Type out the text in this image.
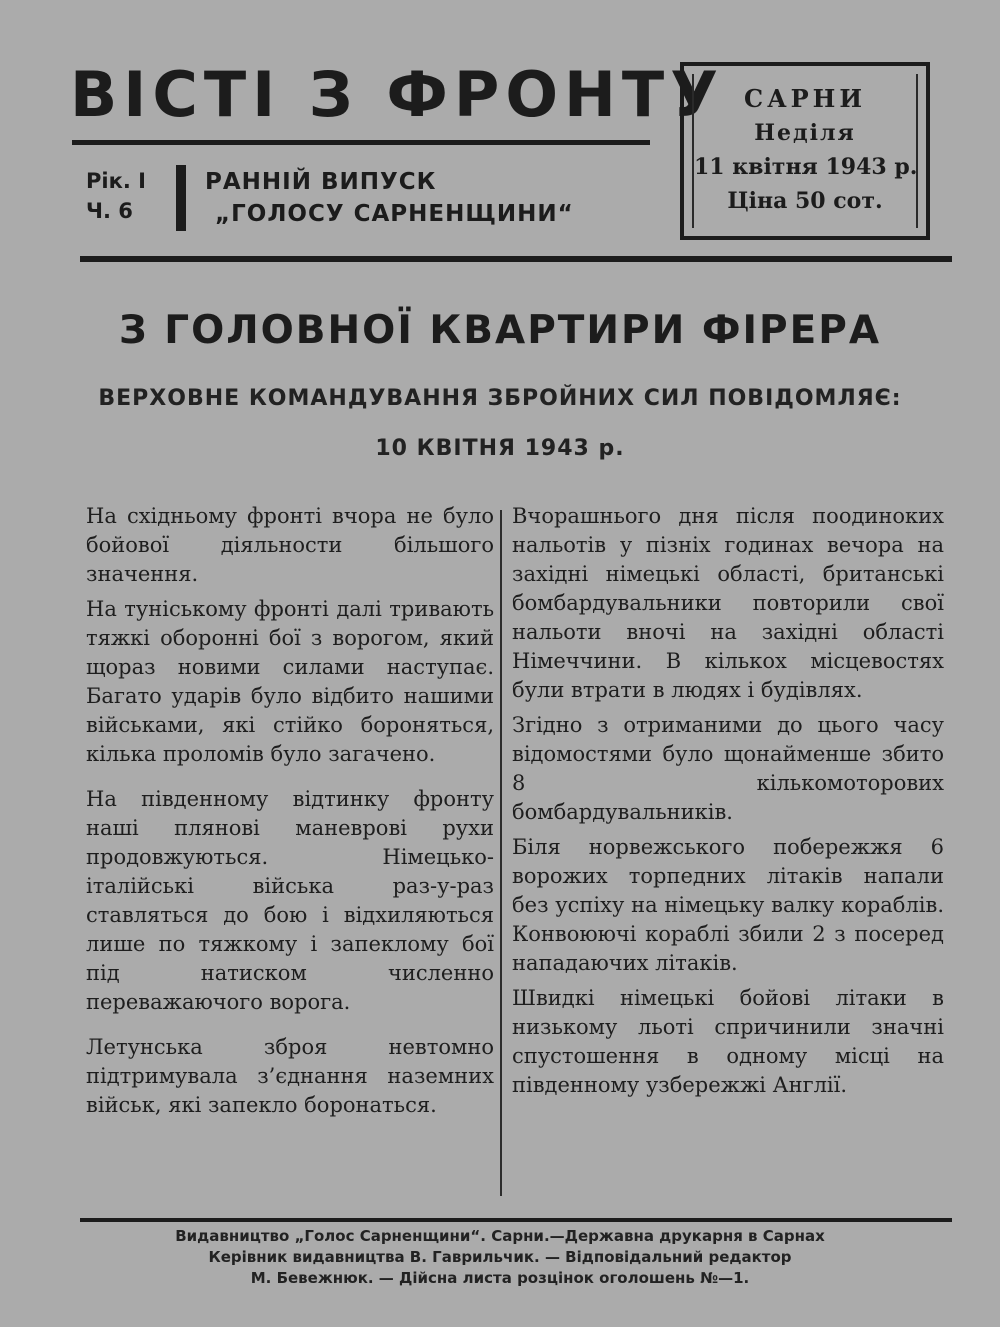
ВІСТІ З ФРОНТУ
Рік. І
Ч. 6
РАННІЙ ВИПУСК
„ГОЛОСУ САРНЕНЩИНИ“
САРНИ
Неділя
11 квітня 1943 р.
Ціна 50 сот.
З ГОЛОВНОЇ КВАРТИРИ ФІРЕРА
ВЕРХОВНЕ КОМАНДУВАННЯ ЗБРОЙНИХ СИЛ ПОВІДОМЛЯЄ:
10 КВІТНЯ 1943 р.

На східньому фронті вчора не було бойової діяльности більшого значення.

На туніському фронті далі тривають тяжкі оборонні бої з ворогом, який щораз новими силами наступає. Багато ударів було відбито нашими військами, які стійко бороняться, кілька проломів було загачено.

На південному відтинку фронту наші плянові маневрові рухи продовжуються. Німецько-італійські війська раз-у-раз ставляться до бою і відхиляються лише по тяжкому і запеклому бої під натиском численно переважаючого ворога.

Летунська зброя невтомно підтримувала з’єднання наземних військ, які запекло боронаться.

Вчорашнього дня після поодиноких нальотів у пізніх годинах вечора на західні німецькі області, британські бомбардувальники повторили свої нальоти вночі на західні області Німеччини. В кількох місцевостях були втрати в людях і будівлях.

Згідно з отриманими до цього часу відомостями було щонайменше збито 8 кількомоторових бомбардувальників.

Біля норвежського побережжя 6 ворожих торпедних літаків напали без успіху на німецьку валку кораблів. Конвоюючі кораблі збили 2 з посеред нападаючих літаків.

Швидкі німецькі бойові літаки в низькому льоті спричинили значні спустошення в одному місці на південному узбережжі Англії.

Видавництво „Голос Сарненщини“. Сарни.—Державна друкарня в Сарнах
Керівник видавництва В. Гаврильчик. — Відповідальний редактор
М. Бевежнюк. — Дійсна листа розцінок оголошень №—1.
